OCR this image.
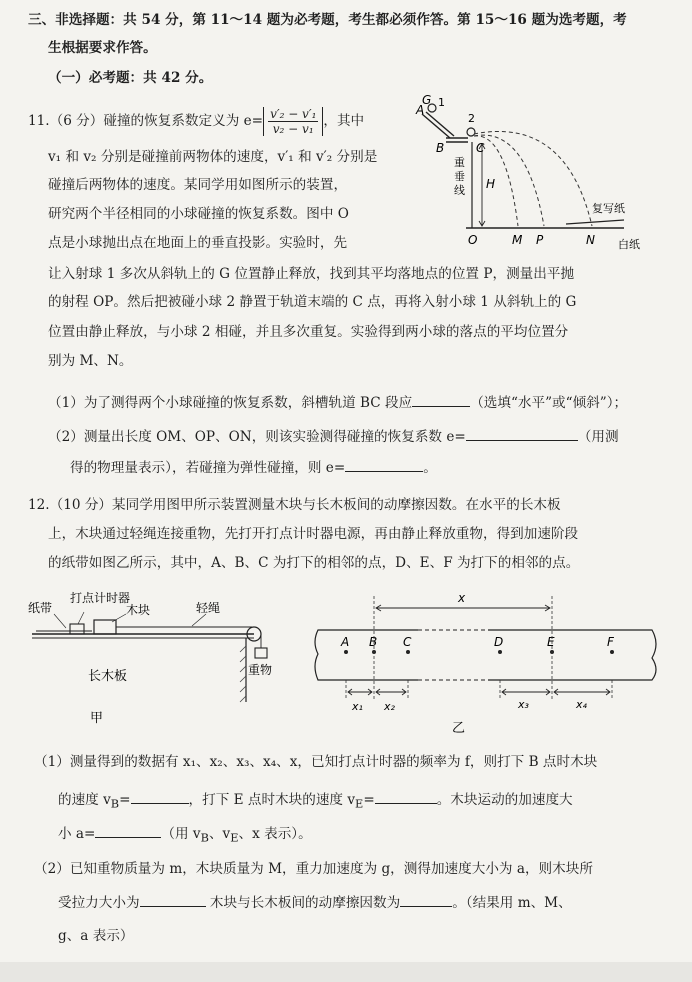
三、非选择题：共 54 分，第 11～14 题为必考题，考生都必须作答。第 15～16 题为选考题，考
生根据要求作答。
（一）必考题：共 42 分。
11.（6 分）碰撞的恢复系数定义为 $e= \frac{\text{v′₂ − v′₁}}{\text{v₂ − v₁}}$ ，其中
v₁ 和 v₂ 分别是碰撞前两物体的速度，v′₁ 和 v′₂ 分别是
碰撞后两物体的速度。某同学用如图所示的装置，
研究两个半径相同的小球碰撞的恢复系数。图中 O
点是小球抛出点在地面上的垂直投影。实验时，先
让入射球 1 多次从斜轨上的 G 位置静止释放，找到其平均落地点的位置 P，测量出平抛
的射程 OP。然后把被碰小球 2 静置于轨道末端的 C 点，再将入射小球 1 从斜轨上的 G
位置由静止释放，与小球 2 相碰，并且多次重复。实验得到两小球的落点的平均位置分
别为 M、N。
（1）为了测得两个小球碰撞的恢复系数，斜槽轨道 BC 段应	（选填“水平”或“倾斜”）；
（2）测量出长度 OM、OP、ON，则该实验测得碰撞的恢复系数 e=	（用测
得的物理量表示），若碰撞为弹性碰撞，则 e=	。
A
G 1
2
B	C
重
垂
线 H
O	M P	N
复写纸
白纸
12.（10 分）某同学用图甲所示装置测量木块与长木板间的动摩擦因数。在水平的长木板
上，木块通过轻绳连接重物，先打开打点计时器电源，再由静止释放重物，得到加速阶段
的纸带如图乙所示，其中，A、B、C 为打下的相邻的点，D、E、F 为打下的相邻的点。
打点计时器
纸带	木块	轻绳
长木板	重物
甲
A B C	D	E	F
x
x₁ x₂	x₃	x₄
乙
（1）测量得到的数据有 x₁、x₂、x₃、x₄、x，已知打点计时器的频率为 f，则打下 B 点时木块
的速度 $v_B=$	，打下 E 点时木块的速度 $v_E=$	。木块运动的加速度大
小 a=	（用 $v_B$、$v_E$、x 表示）。
（2）已知重物质量为 m，木块质量为 M，重力加速度为 g，测得加速度大小为 a，则木块所
受拉力大小为	木块与长木板间的动摩擦因数为	。（结果用 m、M、
g、a 表示）
